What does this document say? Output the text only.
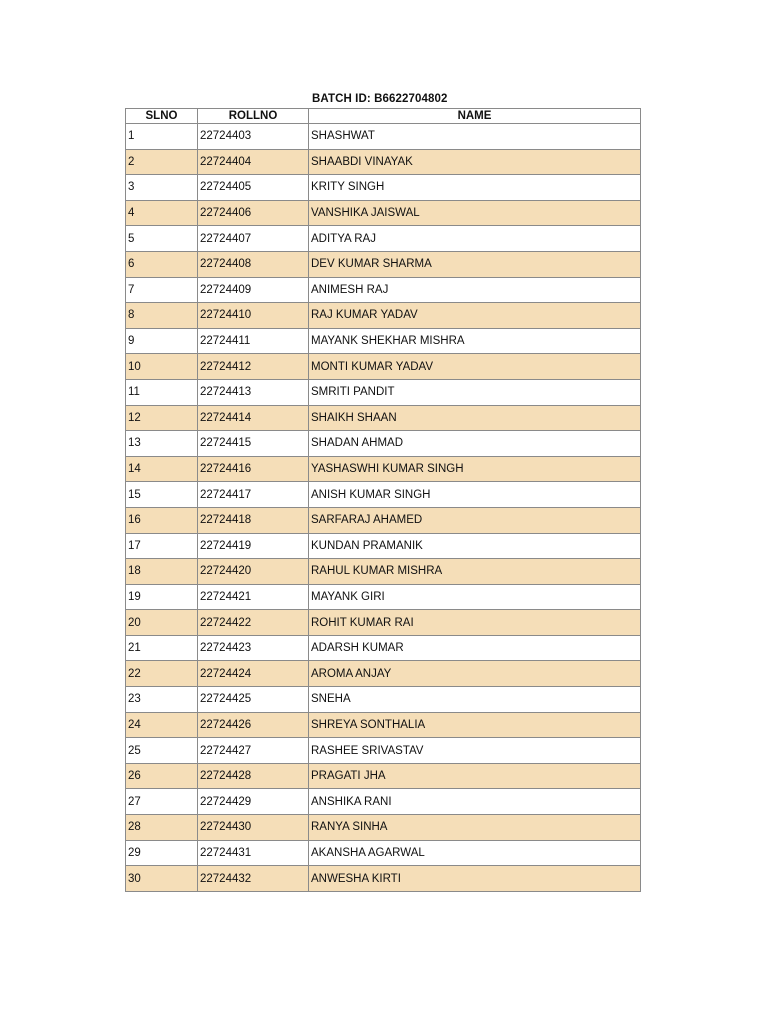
BATCH ID: B6622704802
SLNO	ROLLNO	NAME
1	22724403	SHASHWAT
2	22724404	SHAABDI VINAYAK
3	22724405	KRITY SINGH
4	22724406	VANSHIKA JAISWAL
5	22724407	ADITYA RAJ
6	22724408	DEV KUMAR SHARMA
7	22724409	ANIMESH RAJ
8	22724410	RAJ KUMAR YADAV
9	22724411	MAYANK SHEKHAR MISHRA
10	22724412	MONTI KUMAR YADAV
11	22724413	SMRITI PANDIT
12	22724414	SHAIKH SHAAN
13	22724415	SHADAN AHMAD
14	22724416	YASHASWHI KUMAR SINGH
15	22724417	ANISH KUMAR SINGH
16	22724418	SARFARAJ AHAMED
17	22724419	KUNDAN PRAMANIK
18	22724420	RAHUL KUMAR MISHRA
19	22724421	MAYANK GIRI
20	22724422	ROHIT KUMAR RAI
21	22724423	ADARSH KUMAR
22	22724424	AROMA ANJAY
23	22724425	SNEHA
24	22724426	SHREYA SONTHALIA
25	22724427	RASHEE SRIVASTAV
26	22724428	PRAGATI JHA
27	22724429	ANSHIKA RANI
28	22724430	RANYA SINHA
29	22724431	AKANSHA AGARWAL
30	22724432	ANWESHA KIRTI
